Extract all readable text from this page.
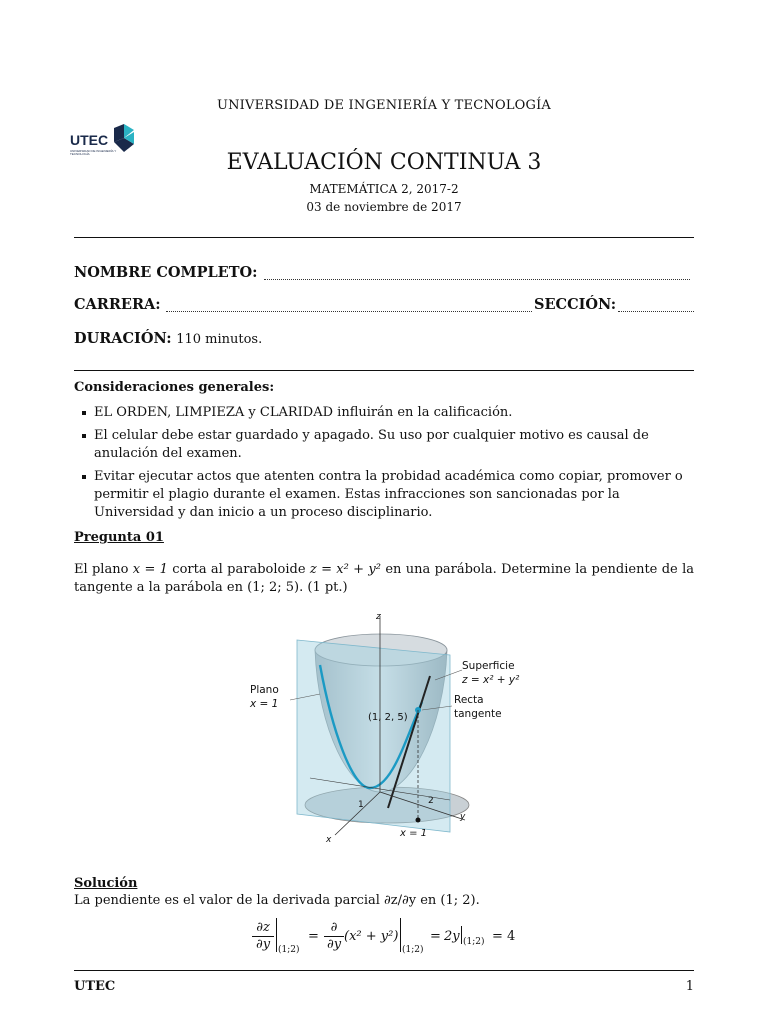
UNIVERSIDAD DE INGENIERÍA Y TECNOLOGÍA
UTEC
UNIVERSIDAD DE INGENIERÍA Y TECNOLOGÍA	EVALUACIÓN CONTINUA 3
MATEMÁTICA 2, 2017-2
03 de noviembre de 2017
NOMBRE COMPLETO:
CARRERA:	SECCIÓN:
DURACIÓN: 110 minutos.
Consideraciones generales:
EL ORDEN, LIMPIEZA y CLARIDAD influirán en la calificación.
El celular debe estar guardado y apagado. Su uso por cualquier motivo es causal de anulación del examen.
Evitar ejecutar actos que atenten contra la probidad académica como copiar, promover o permitir el plagio durante el examen. Estas infracciones son sancionadas por la Universidad y dan inicio a un proceso disciplinario.
Pregunta 01
El plano x = 1 corta al paraboloide z = x² + y² en una parábola. Determine la pendiente de la tangente a la parábola en (1; 2; 5). (1 pt.)
Plano
x = 1
Superficie
z = x² + y²
Recta
tangente
(1, 2, 5)
z
y
x
1	2
x = 1
Solución
La pendiente es el valor de la derivada parcial ∂z/∂y en (1; 2).
∂z
∂y (1;2)
=
∂
∂y
(x² + y²)
(1;2)
= 2y (1;2) = 4
UTEC	1
